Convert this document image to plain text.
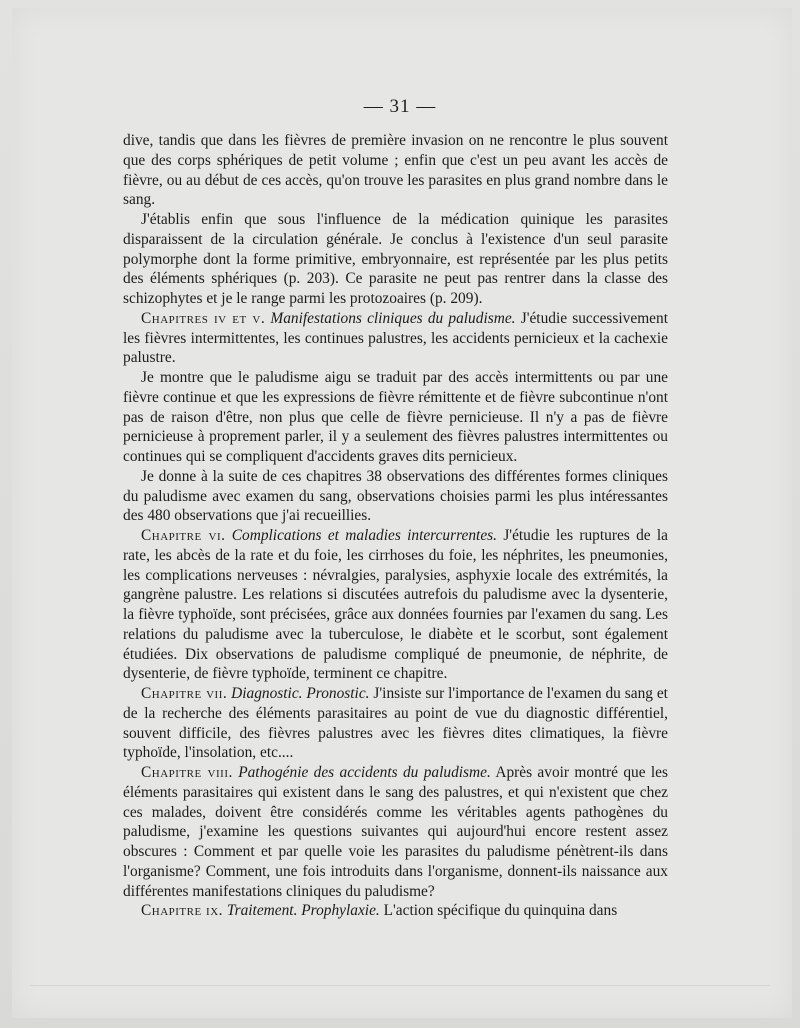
— 31 —

dive, tandis que dans les fièvres de première invasion on ne rencontre le plus souvent que des corps sphériques de petit volume ; enfin que c'est un peu avant les accès de fièvre, ou au début de ces accès, qu'on trouve les parasites en plus grand nombre dans le sang.

J'établis enfin que sous l'influence de la médication quinique les parasites disparaissent de la circulation générale. Je conclus à l'existence d'un seul parasite polymorphe dont la forme primitive, embryonnaire, est représentée par les plus petits des éléments sphériques (p. 203). Ce parasite ne peut pas rentrer dans la classe des schizophytes et je le range parmi les protozoaires (p. 209).

Chapitres iv et v. Manifestations cliniques du paludisme. J'étudie successivement les fièvres intermittentes, les continues palustres, les accidents pernicieux et la cachexie palustre.

Je montre que le paludisme aigu se traduit par des accès intermittents ou par une fièvre continue et que les expressions de fièvre rémittente et de fièvre subcontinue n'ont pas de raison d'être, non plus que celle de fièvre pernicieuse. Il n'y a pas de fièvre pernicieuse à proprement parler, il y a seulement des fièvres palustres intermittentes ou continues qui se compliquent d'accidents graves dits pernicieux.

Je donne à la suite de ces chapitres 38 observations des différentes formes cliniques du paludisme avec examen du sang, observations choisies parmi les plus intéressantes des 480 observations que j'ai recueillies.

Chapitre vi. Complications et maladies intercurrentes. J'étudie les ruptures de la rate, les abcès de la rate et du foie, les cirrhoses du foie, les néphrites, les pneumonies, les complications nerveuses : névralgies, paralysies, asphyxie locale des extrémités, la gangrène palustre. Les relations si discutées autrefois du paludisme avec la dysenterie, la fièvre typhoïde, sont précisées, grâce aux données fournies par l'examen du sang. Les relations du paludisme avec la tuberculose, le diabète et le scorbut, sont également étudiées. Dix observations de paludisme compliqué de pneumonie, de néphrite, de dysenterie, de fièvre typhoïde, terminent ce chapitre.

Chapitre vii. Diagnostic. Pronostic. J'insiste sur l'importance de l'examen du sang et de la recherche des éléments parasitaires au point de vue du diagnostic différentiel, souvent difficile, des fièvres palustres avec les fièvres dites climatiques, la fièvre typhoïde, l'insolation, etc....

Chapitre viii. Pathogénie des accidents du paludisme. Après avoir montré que les éléments parasitaires qui existent dans le sang des palustres, et qui n'existent que chez ces malades, doivent être considérés comme les véritables agents pathogènes du paludisme, j'examine les questions suivantes qui aujourd'hui encore restent assez obscures : Comment et par quelle voie les parasites du paludisme pénètrent-ils dans l'organisme? Comment, une fois introduits dans l'organisme, donnent-ils naissance aux différentes manifestations cliniques du paludisme?

Chapitre ix. Traitement. Prophylaxie. L'action spécifique du quinquina dans
